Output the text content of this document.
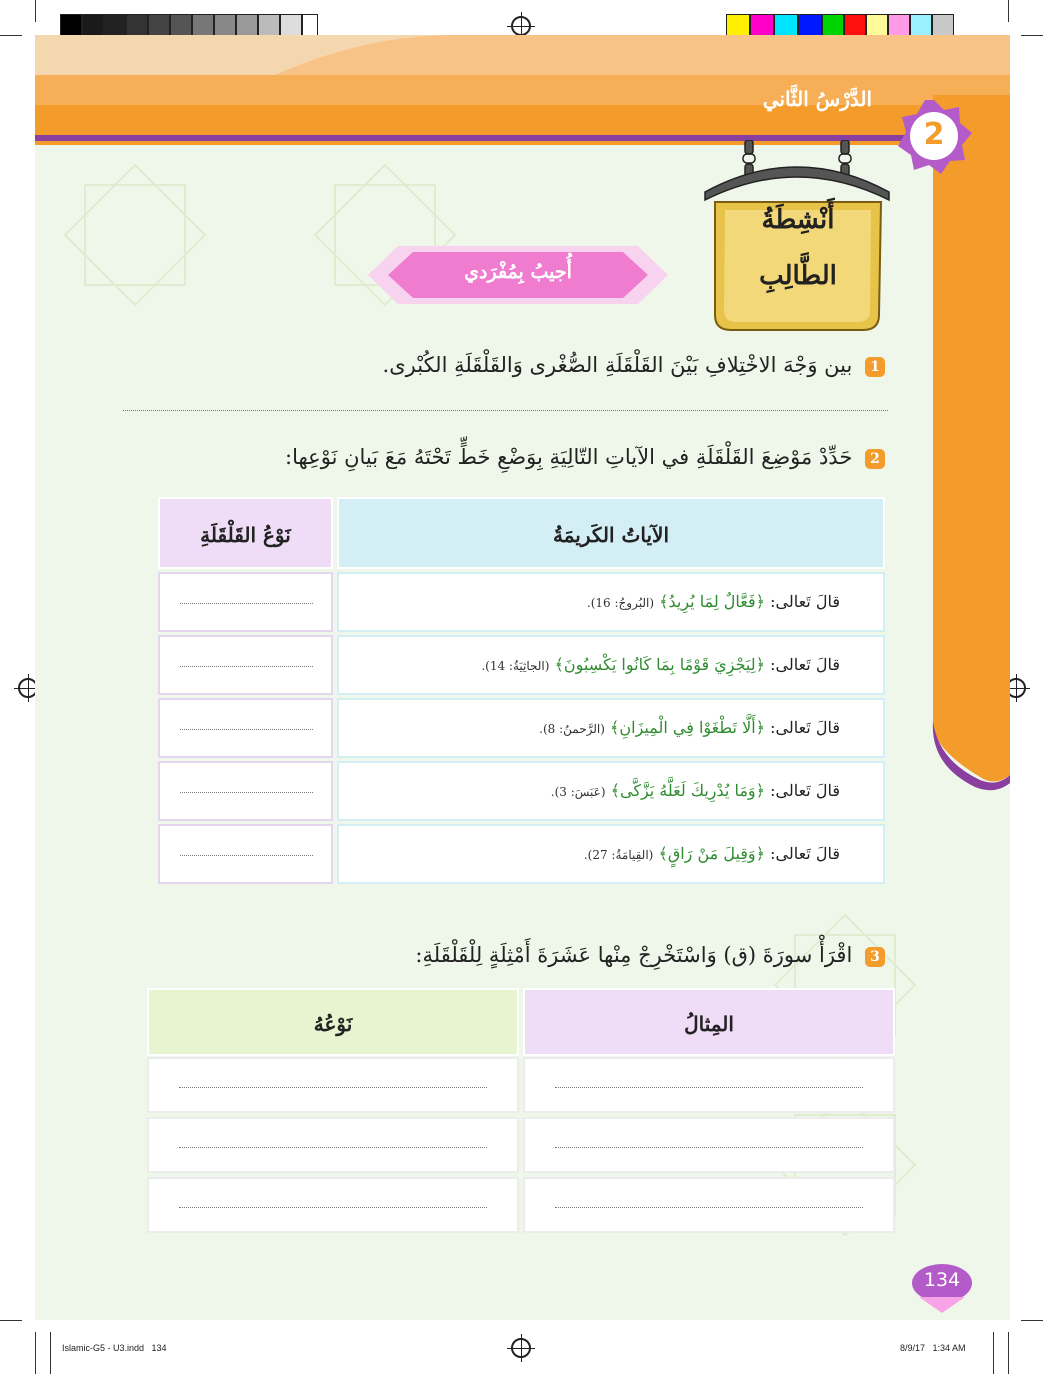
الدَّرْسُ الثَّاني
2
أَنْشِطَةُ
الطَّالِبِ
أُجيبُ بِمُفْرَدي
1 بين وَجْهَ الاخْتِلافِ بَيْنَ القَلْقَلَةِ الصُّغْرى وَالقَلْقَلَةِ الكُبْرى.
2 حَدِّدْ مَوْضِعَ القَلْقَلَةِ في الآياتِ التّالِيَةِ بِوَضْعِ خَطٍّ تَحْتَهُ مَعَ بَيانِ نَوْعِها:
الآياتُ الكَريمَةُ
نَوْعُ القَلْقَلَةِ
قالَ تَعالى: ﴿فَعَّالٌ لِمَا يُرِيدُ﴾ (البُروجُ: 16).
قالَ تَعالى: ﴿لِيَجْزِيَ قَوْمًا بِمَا كَانُوا يَكْسِبُونَ﴾ (الجاثِيَةُ: 14).
قالَ تَعالى: ﴿أَلَّا تَطْغَوْا فِي الْمِيزَانِ﴾ (الرَّحمنُ: 8).
قالَ تَعالى: ﴿وَمَا يُدْرِيكَ لَعَلَّهُ يَزَّكَّى﴾ (عَبَسَ: 3).
قالَ تَعالى: ﴿وَقِيلَ مَنْ رَاقٍ﴾ (القِيامَةُ: 27).
3 اقْرَأْ سورَةَ (ق) وَاسْتَخْرِجْ مِنْها عَشَرَةَ أَمْثِلَةٍ لِلْقَلْقَلَةِ:
المِثالُ
نَوْعُهُ
134
Islamic-G5 - U3.indd   134	8/9/17   1:34 AM
